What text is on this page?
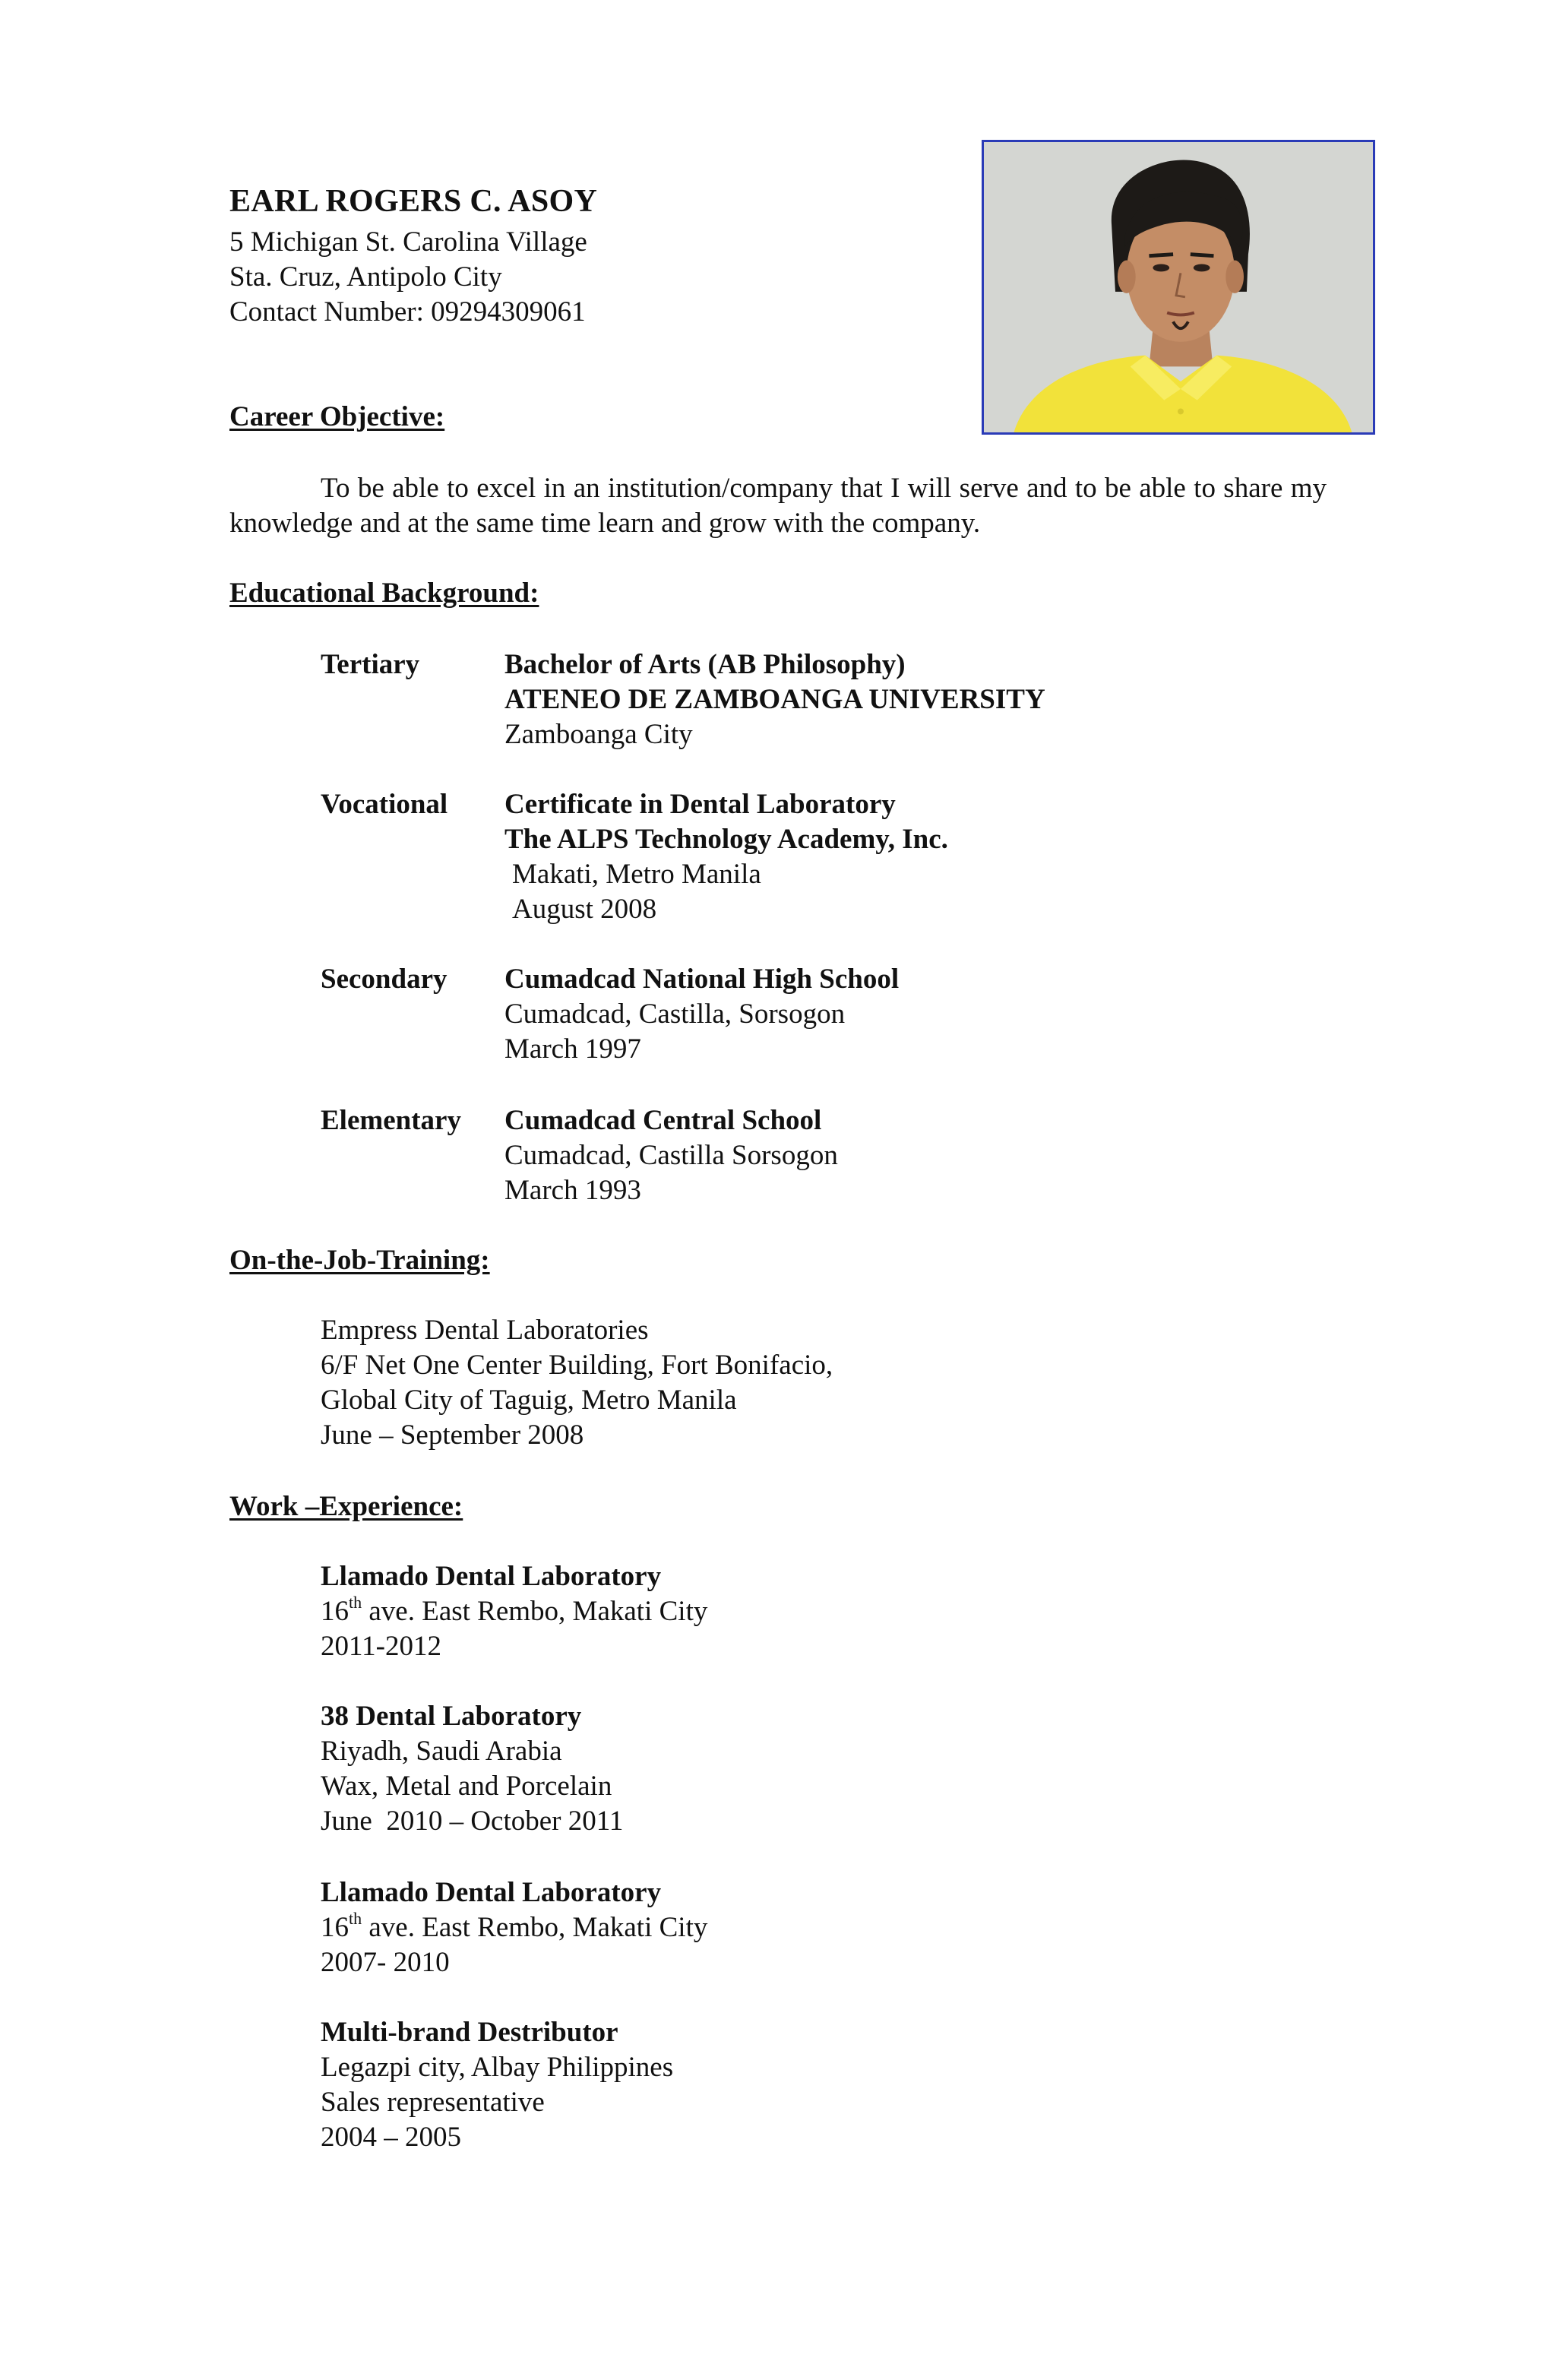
EARL ROGERS C. ASOY

5 Michigan St. Carolina Village

Sta. Cruz, Antipolo City

Contact Number: 09294309061

Career Objective:

To be able to excel in an institution/company that I will serve and to be able to share my knowledge and at the same time learn and grow with the company.

Educational Background:

Tertiary	Bachelor of Arts (AB Philosophy)

ATENEO DE ZAMBOANGA UNIVERSITY

Zamboanga City

Vocational Certificate in Dental Laboratory

The ALPS Technology Academy, Inc.

Makati, Metro Manila

August 2008

Secondary Cumadcad National High School

Cumadcad, Castilla, Sorsogon

March 1997

Elementary Cumadcad Central School

Cumadcad, Castilla Sorsogon

March 1993

On-the-Job-Training:

Empress Dental Laboratories

6/F Net One Center Building, Fort Bonifacio,

Global City of Taguig, Metro Manila

June – September 2008

Work –Experience:

Llamado Dental Laboratory

16th ave. East Rembo, Makati City

2011-2012

38 Dental Laboratory

Riyadh, Saudi Arabia

Wax, Metal and Porcelain

June  2010 – October 2011

Llamado Dental Laboratory

16th ave. East Rembo, Makati City

2007- 2010

Multi-brand Destributor

Legazpi city, Albay Philippines

Sales representative

2004 – 2005
